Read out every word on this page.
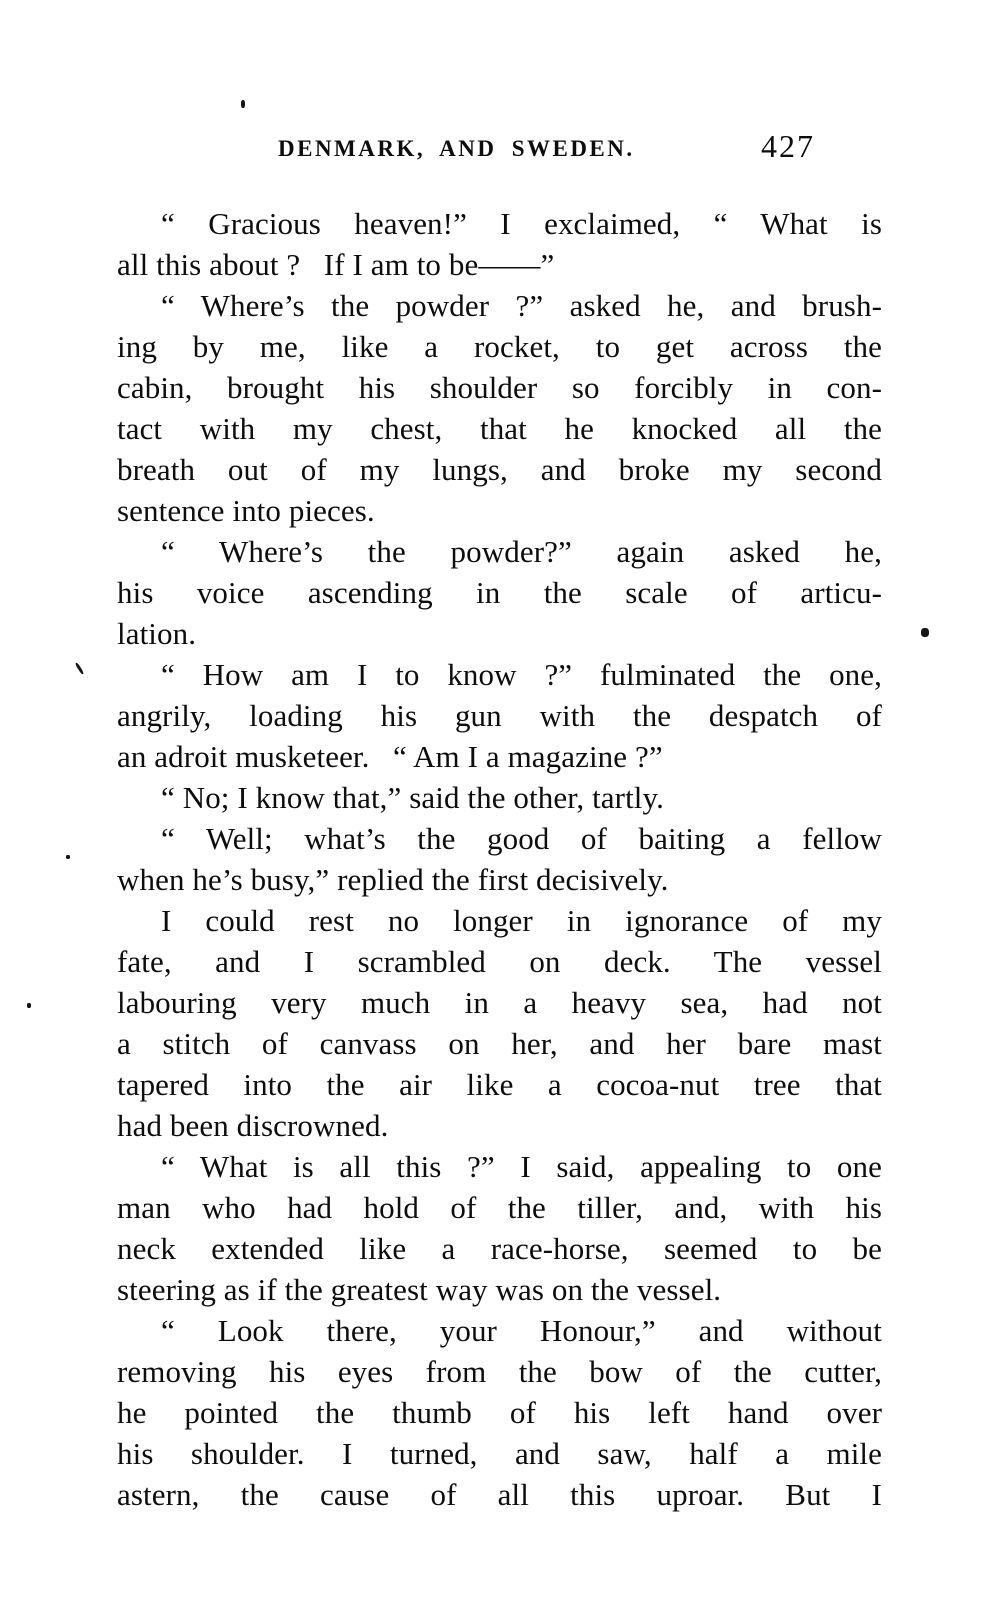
DENMARK, AND SWEDEN.	427
“ Gracious heaven!” I exclaimed, “ What is
all this about ?   If I am to be——”
“ Where’s the powder ?” asked he, and brush-
ing by me, like a rocket, to get across the
cabin, brought his shoulder so forcibly in con-
tact with my chest, that he knocked all the
breath out of my lungs, and broke my second
sentence into pieces.
“ Where’s the powder?” again asked he,
his voice ascending in the scale of articu-
lation.
“ How am I to know ?” fulminated the one,
angrily, loading his gun with the despatch of
an adroit musketeer.   “ Am I a magazine ?”
“ No; I know that,” said the other, tartly.
“ Well; what’s the good of baiting a fellow
when he’s busy,” replied the first decisively.
I could rest no longer in ignorance of my
fate, and I scrambled on deck. The vessel
labouring very much in a heavy sea, had not
a stitch of canvass on her, and her bare mast
tapered into the air like a cocoa-nut tree that
had been discrowned.
“ What is all this ?” I said, appealing to one
man who had hold of the tiller, and, with his
neck extended like a race-horse, seemed to be
steering as if the greatest way was on the vessel.
“ Look there, your Honour,” and without
removing his eyes from the bow of the cutter,
he pointed the thumb of his left hand over
his shoulder. I turned, and saw, half a mile
astern, the cause of all this uproar. But I
